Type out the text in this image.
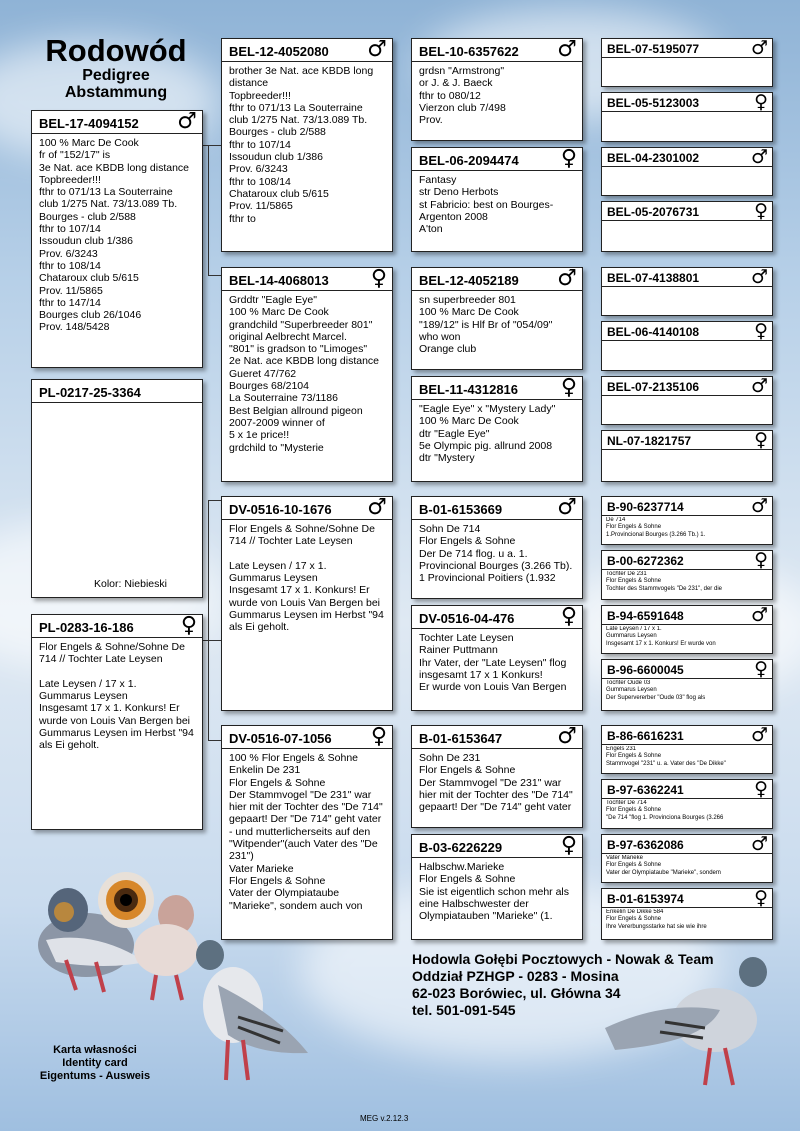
Rodowód
Pedigree
Abstammung
BEL-17-4094152 ♂
100 % Marc De Cook
fr of "152/17" is
3e Nat. ace KBDB long distance
Topbreeder!!!
fthr to 071/13 La Souterraine
club 1/275 Nat. 73/13.089 Tb.
Bourges - club 2/588
fthr to 107/14
Issoudun club 1/386
Prov. 6/3243
fthr to 108/14
Chataroux club 5/615
Prov. 11/5865
fthr to 147/14
Bourges club 26/1046
Prov. 148/5428
PL-0217-25-3364
Kolor: Niebieski
PL-0283-16-186 ♀
Flor Engels & Sohne/Sohne De
714 // Tochter Late Leysen

Late Leysen / 17 x 1.
Gummarus Leysen
Insgesamt 17 x 1. Konkurs! Er
wurde von Louis Van Bergen bei
Gummarus Leysen im Herbst "94
als Ei geholt.
BEL-12-4052080 ♂
brother 3e Nat. ace KBDB long
distance
Topbreeder!!!
fthr to 071/13 La Souterraine
club 1/275 Nat. 73/13.089 Tb.
Bourges - club 2/588
fthr to 107/14
Issoudun club 1/386
Prov. 6/3243
fthr to 108/14
Chataroux club 5/615
Prov. 11/5865
fthr to
BEL-14-4068013 ♀
Grddtr "Eagle Eye"
100 % Marc De Cook
grandchild "Superbreeder 801"
original Aelbrecht Marcel.
"801" is gradson to "Limoges"
2e Nat. ace KBDB long distance
Gueret 47/762
Bourges 68/2104
La Souterraine 73/1186
Best Belgian allround pigeon
2007-2009 winner of
5 x 1e price!!
grdchild to "Mysterie
DV-0516-10-1676 ♂
Flor Engels & Sohne/Sohne De
714 // Tochter Late Leysen

Late Leysen / 17 x 1.
Gummarus Leysen
Insgesamt 17 x 1. Konkurs! Er
wurde von Louis Van Bergen bei
Gummarus Leysen im Herbst "94
als Ei geholt.
DV-0516-07-1056 ♀
100 % Flor Engels & Sohne
Enkelin De 231
Flor Engels & Sohne
Der Stammvogel "De 231" war
hier mit der Tochter des "De 714"
gepaart! Der "De 714" geht vater
- und mutterlicherseits auf den
"Witpender"(auch Vater des "De
231")
Vater Marieke
Flor Engels & Sohne
Vater der Olympiataube
"Marieke", sondem auch von
BEL-10-6357622 ♂
grdsn "Armstrong"
or J. & J. Baeck
fthr to 080/12
Vierzon club 7/498
Prov.
BEL-06-2094474 ♀
Fantasy
str Deno Herbots
st Fabricio: best on Bourges-
Argenton 2008
A'ton
BEL-12-4052189 ♂
sn superbreeder 801
100 % Marc De Cook
"189/12" is Hlf Br of "054/09"
who won
Orange club
BEL-11-4312816 ♀
"Eagle Eye" x "Mystery Lady"
100 % Marc De Cook
dtr "Eagle Eye"
5e Olympic pig. allrund 2008
dtr "Mystery
B-01-6153669	♂
Sohn De 714
Flor Engels & Sohne
Der De 714 flog. u a. 1.
Provincional Bourges (3.266 Tb).
1 Provincional Poitiers (1.932
DV-0516-04-476 ♀
Tochter Late Leysen
Rainer Puttmann
Ihr Vater, der "Late Leysen" flog
insgesamt 17 x 1 Konkurs!
Er wurde von Louis Van Bergen
B-01-6153647	♂
Sohn De 231
Flor Engels & Sohne
Der Stammvogel "De 231" war
hier mit der Tochter des "De 714"
gepaart! Der "De 714" geht vater
B-03-6226229	♀
Halbschw.Marieke
Flor Engels & Sohne
Sie ist eigentlich schon mehr als
eine Halbschwester der
Olympiatauben "Marieke" (1.
BEL-07-5195077	♂
BEL-05-5123003	♀
BEL-04-2301002	♂
BEL-05-2076731	♀
BEL-07-4138801	♂
BEL-06-4140108	♀
BEL-07-2135106	♂
NL-07-1821757	♀
B-90-6237714	♂
De 714
Flor Engels & Sohne
1.Provincional Bourges (3.266 Tb.) 1.
B-00-6272362	♀
Tochter De 231
Flor Engels & Sohne
Tochter des Stammvogels "De 231", der die
B-94-6591648	♂
Late Leysen / 17 x 1.
Gummarus Leysen
Insgesamt 17 x 1. Konkurs! Er wurde von
B-96-6600045	♀
Tochter Oude 03
Gummarus Leysen
Der Supervererber "Oude 03" flog als
B-86-6616231	♂
Engels 231
Flor Engels & Sohne
Stammvogel "231" u. a. Vater des "De Dikke"
B-97-6362241	♀
Tochter De 714
Flor Engels & Sohne
"De 714 "flog 1. Provinciona Bourges (3.266
B-97-6362086	♂
Vater Marieke
Flor Engels & Sohne
Vater der Olympiataube "Marieke", sondem
B-01-6153974	♀
Enkelin De Dikke 584
Flor Engels & Sohne
Ihre Vererbungsstarke hat sie wie ihre
Hodowla Gołębi Pocztowych - Nowak & Team
Oddział PZHGP - 0283 - Mosina
62-023 Borówiec, ul. Główna 34
tel. 501-091-545
Karta własności
Identity card
Eigentums - Ausweis
MEG v.2.12.3
